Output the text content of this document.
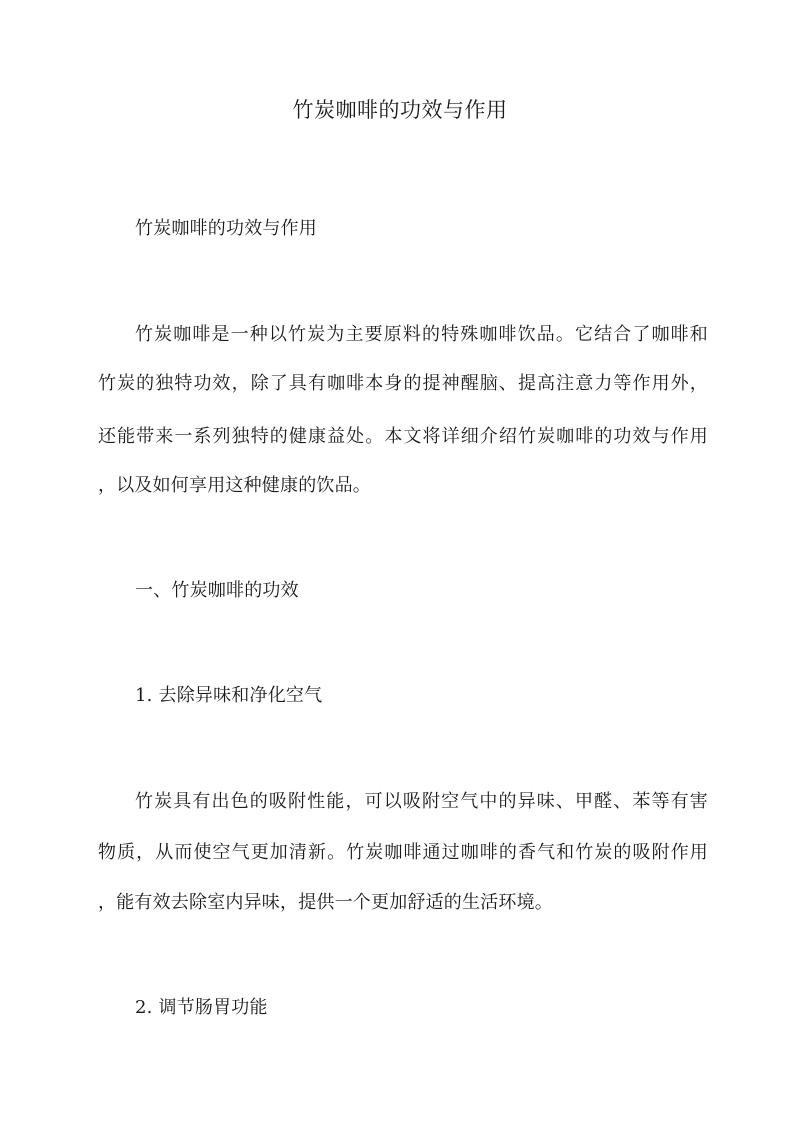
竹炭咖啡的功效与作用
竹炭咖啡的功效与作用
竹炭咖啡是一种以竹炭为主要原料的特殊咖啡饮品。它结合了咖啡和
竹炭的独特功效，除了具有咖啡本身的提神醒脑、提高注意力等作用外，
还能带来一系列独特的健康益处。本文将详细介绍竹炭咖啡的功效与作用
，以及如何享用这种健康的饮品。
一、竹炭咖啡的功效
1. 去除异味和净化空气
竹炭具有出色的吸附性能，可以吸附空气中的异味、甲醛、苯等有害
物质，从而使空气更加清新。竹炭咖啡通过咖啡的香气和竹炭的吸附作用
，能有效去除室内异味，提供一个更加舒适的生活环境。
2. 调节肠胃功能
